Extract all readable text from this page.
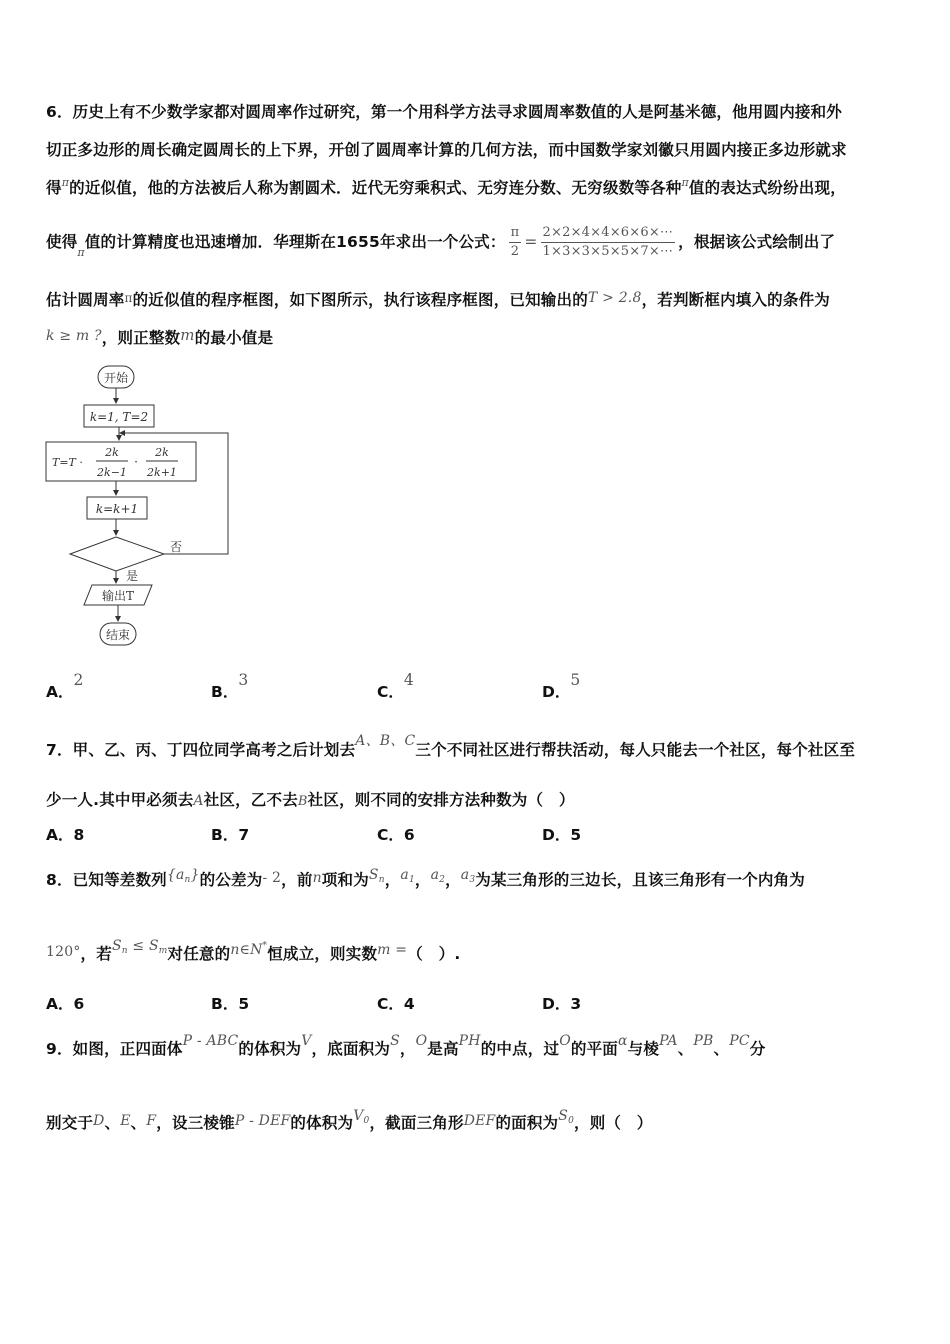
6．历史上有不少数学家都对圆周率作过研究，第一个用科学方法寻求圆周率数值的人是阿基米德，他用圆内接和外
切正多边形的周长确定圆周长的上下界，开创了圆周率计算的几何方法，而中国数学家刘徽只用圆内接正多边形就求
得$^\pi$的近似值，他的方法被后人称为割圆术．近代无穷乘积式、无穷连分数、无穷级数等各种$^\pi$值的表达式纷纷出现，
使得$_\pi$值的计算精度也迅速增加．华理斯在1655年求出一个公式： $\frac{\pi}{2} = \frac{2\times 2\times 4\times 4\times 6\times 6\times\cdots}{1\times 3\times 3\times 5\times 5\times 7\times\cdots}$ ，根据该公式绘制出了
估计圆周率π的近似值的程序框图，如下图所示，执行该程序框图，已知输出的T > 2.8，若判断框内填入的条件为
k ≥ m ?，则正整数m的最小值是
开始
k=1, T=2
T=T ·
2k
2k−1
·
2k
2k+1
k=k+1
否
是
输出T
结束
A．2
B．3
C．4
D．5
7．甲、乙、丙、丁四位同学高考之后计划去A、B、C三个不同社区进行帮扶活动，每人只能去一个社区，每个社区至
少一人.其中甲必须去A社区，乙不去B社区，则不同的安排方法种数为（　）
A．8	B．7	C．6	D．5
8．已知等差数列$\{a_n\}$的公差为- 2，前n项和为$S_n$，$a_1$，$a_2$，$a_3$为某三角形的三边长，且该三角形有一个内角为
120°，若$S_n \le S_m$对任意的n∈N*恒成立，则实数m =（　）.
A．6	B．5	C．4	D．3
9．如图，正四面体P - ABC的体积为V，底面积为S，O是高PH的中点，过O的平面α与棱PA、PB、PC分
别交于D、E、F，设三棱锥P - DEF的体积为$V_0$，截面三角形DEF的面积为$S_0$，则（　）
